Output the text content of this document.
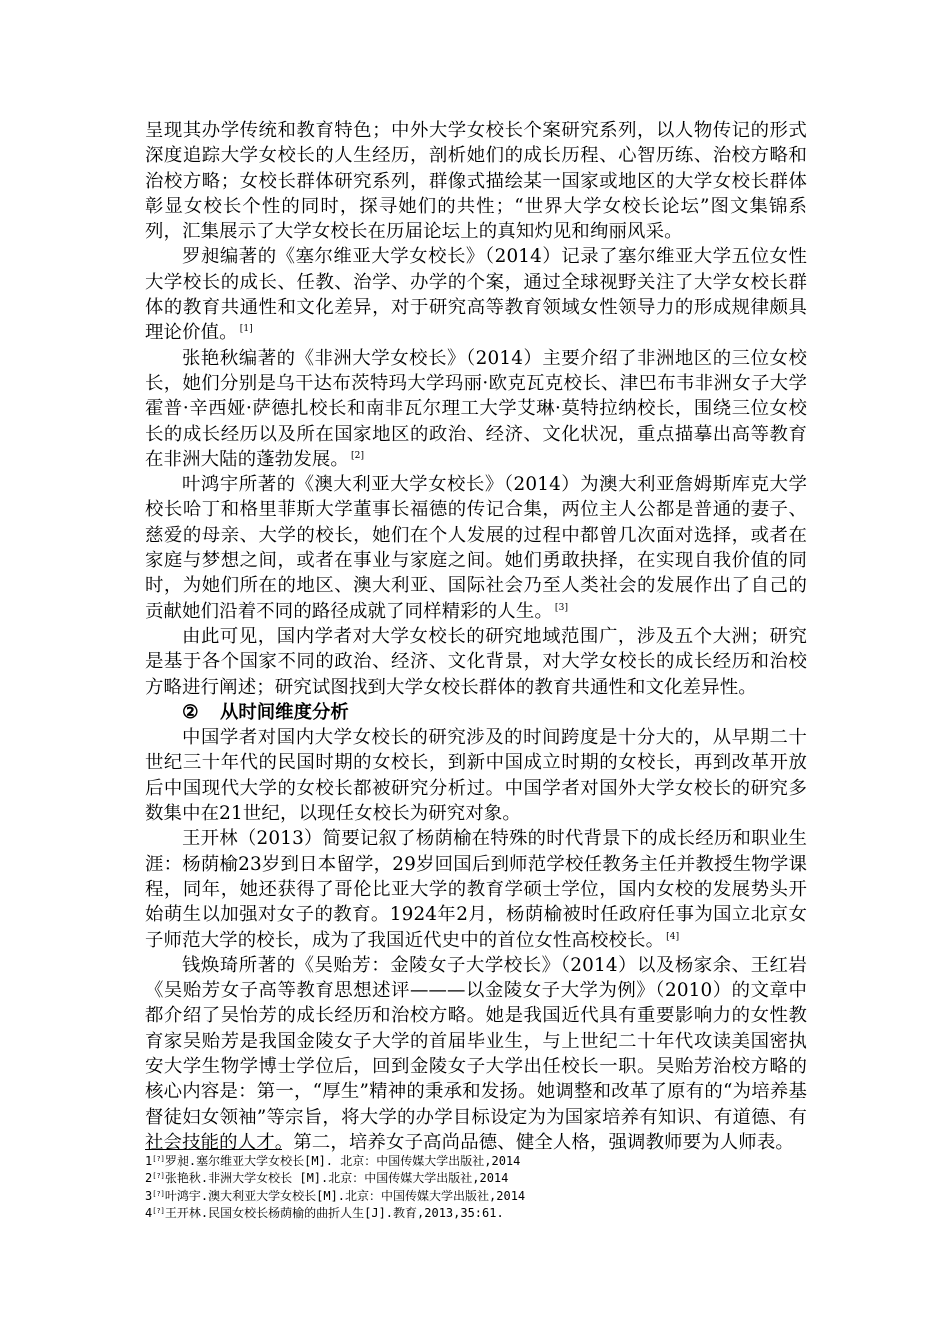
呈现其办学传统和教育特色；中外大学女校长个案研究系列，以人物传记的形式深度追踪大学女校长的人生经历，剖析她们的成长历程、心智历练、治校方略和治校方略；女校长群体研究系列，群像式描绘某一国家或地区的大学女校长群体彰显女校长个性的同时，探寻她们的共性；“世界大学女校长论坛”图文集锦系列，汇集展示了大学女校长在历届论坛上的真知灼见和绚丽风采。

罗昶编著的《塞尔维亚大学女校长》（2014）记录了塞尔维亚大学五位女性大学校长的成长、任教、治学、办学的个案，通过全球视野关注了大学女校长群体的教育共通性和文化差异，对于研究高等教育领域女性领导力的形成规律颇具理论价值。 [1]

张艳秋编著的《非洲大学女校长》（2014）主要介绍了非洲地区的三位女校长，她们分别是乌干达布茨特玛大学玛丽·欧克瓦克校长、津巴布韦非洲女子大学霍普·辛西娅·萨德扎校长和南非瓦尔理工大学艾琳·莫特拉纳校长，围绕三位女校长的成长经历以及所在国家地区的政治、经济、文化状况，重点描摹出高等教育在非洲大陆的蓬勃发展。 [2]

叶鸿宇所著的《澳大利亚大学女校长》（2014）为澳大利亚詹姆斯库克大学校长哈丁和格里菲斯大学董事长福德的传记合集，两位主人公都是普通的妻子、慈爱的母亲、大学的校长，她们在个人发展的过程中都曾几次面对选择，或者在家庭与梦想之间，或者在事业与家庭之间。她们勇敢抉择，在实现自我价值的同时，为她们所在的地区、澳大利亚、国际社会乃至人类社会的发展作出了自己的贡献她们沿着不同的路径成就了同样精彩的人生。 [3]

由此可见，国内学者对大学女校长的研究地域范围广，涉及五个大洲；研究是基于各个国家不同的政治、经济、文化背景，对大学女校长的成长经历和治校方略进行阐述；研究试图找到大学女校长群体的教育共通性和文化差异性。

② 从时间维度分析

中国学者对国内大学女校长的研究涉及的时间跨度是十分大的，从早期二十世纪三十年代的民国时期的女校长，到新中国成立时期的女校长，再到改革开放后中国现代大学的女校长都被研究分析过。中国学者对国外大学女校长的研究多数集中在21世纪，以现任女校长为研究对象。

王开林（2013）简要记叙了杨荫榆在特殊的时代背景下的成长经历和职业生涯：杨荫榆23岁到日本留学，29岁回国后到师范学校任教务主任并教授生物学课程，同年，她还获得了哥伦比亚大学的教育学硕士学位，国内女校的发展势头开始萌生以加强对女子的教育。1924年2月，杨荫榆被时任政府任事为国立北京女子师范大学的校长，成为了我国近代史中的首位女性高校校长。 [4]

钱焕琦所著的《吴贻芳：金陵女子大学校长》（2014）以及杨家余、王红岩《吴贻芳女子高等教育思想述评———以金陵女子大学为例》（2010）的文章中都介绍了吴怡芳的成长经历和治校方略。她是我国近代具有重要影响力的女性教育家吴贻芳是我国金陵女子大学的首届毕业生，与上世纪二十年代攻读美国密执安大学生物学博士学位后，回到金陵女子大学出任校长一职。吴贻芳治校方略的核心内容是：第一，“厚生”精神的秉承和发扬。她调整和改革了原有的“为培养基督徒妇女领袖”等宗旨，将大学的办学目标设定为为国家培养有知识、有道德、有社会技能的人才。第二，培养女子高尚品德、健全人格，强调教师要为人师表。

1[?]罗昶.塞尔维亚大学女校长[M]. 北京：中国传媒大学出版社,2014

2[?]张艳秋.非洲大学女校长 [M].北京：中国传媒大学出版社,2014

3[?]叶鸿宇.澳大利亚大学女校长[M].北京：中国传媒大学出版社,2014

4[?]王开林.民国女校长杨荫榆的曲折人生[J].教育,2013,35:61.
